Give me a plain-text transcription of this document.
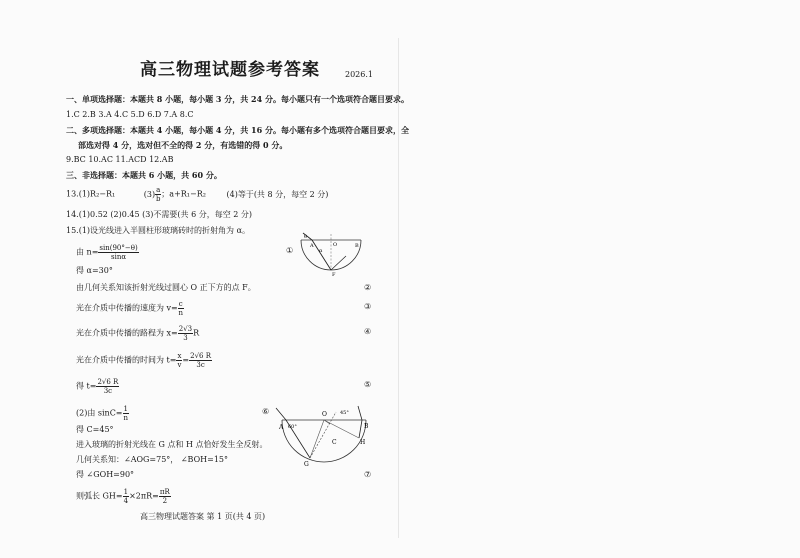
高三物理试题参考答案	2026.1
一、单项选择题：本题共 8 小题，每小题 3 分，共 24 分。每小题只有一个选项符合题目要求。
1.C 2.B 3.A 4.C 5.D 6.D 7.A 8.C
二、多项选择题：本题共 4 小题，每小题 4 分，共 16 分。每小题有多个选项符合题目要求，全
部选对得 4 分，选对但不全的得 2 分，有选错的得 0 分。
9.BC 10.AC 11.ACD 12.AB
三、非选择题：本题共 6 小题，共 60 分。
13.(1)R₂−R₁	$(3) \frac{a}{b}$ ；a+R₁−R₂	(4)等于(共 8 分，每空 2 分)
14.(1)0.52 (2)0.45 (3)不需要(共 6 分，每空 2 分)
15.(1)设光线进入半圆柱形玻璃砖时的折射角为 α。
由 $n= \frac{\sin(90^\circ-\theta)}{\sin\alpha}$	①
得 α=30°
由几何关系知该折射光线过圆心 O 正下方的点 F。	②
光在介质中传播的速度为 $v= \frac{c}{n}$	③
光在介质中传播的路程为 $x= \frac{2√3}{3}$ R	④
光在介质中传播的时间为 $t= \frac{x}{v} = \frac{2√6 R}{3c}$
得 $t= \frac{2√6 R}{3c}$	⑤
(2)由 $\sin C= \frac{1}{n}$	⑥
得 C=45°
进入玻璃的折射光线在 G 点和 H 点恰好发生全反射。
几何关系知：∠AOG=75°， ∠BOH=15°
得 ∠GOH=90°	⑦
则弧长 $GH= \frac{1}{4} \times 2\pi R= \frac{\pi R}{2}$
θ
A	O	B
α
F
A
O
B
G
H
C
45°
60°
高三物理试题答案 第 1 页(共 4 页)
